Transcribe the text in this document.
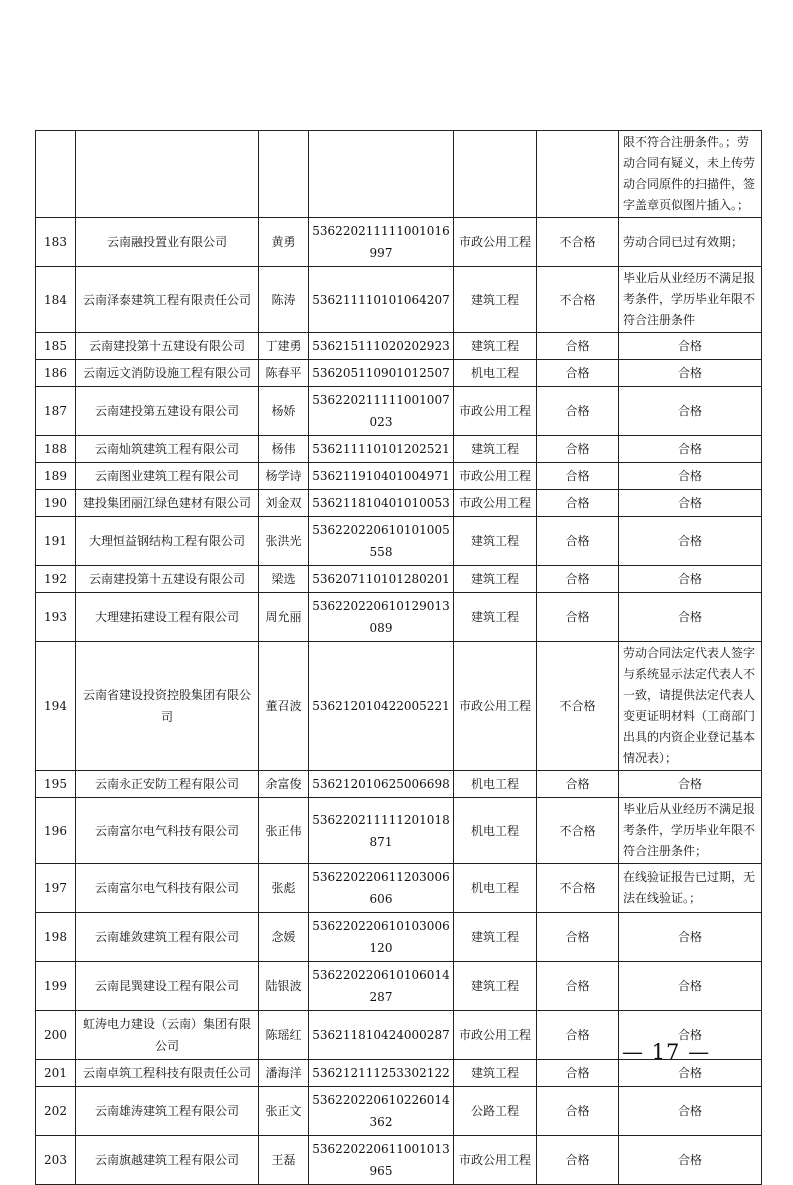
						限不符合注册条件。；劳动合同有疑义，未上传劳动合同原件的扫描件，签字盖章页似图片插入。；
183	云南融投置业有限公司	黄勇	536220211111001016997	市政公用工程	不合格	劳动合同已过有效期；
184	云南泽泰建筑工程有限责任公司	陈涛	536211110101064207	建筑工程	不合格	毕业后从业经历不满足报考条件，学历毕业年限不符合注册条件
185	云南建投第十五建设有限公司	丁建勇	536215111020202923	建筑工程	合格	合格
186	云南远文消防设施工程有限公司	陈春平	536205110901012507	机电工程	合格	合格
187	云南建投第五建设有限公司	杨娇	536220211111001007023	市政公用工程	合格	合格
188	云南灿筑建筑工程有限公司	杨伟	536211110101202521	建筑工程	合格	合格
189	云南图业建筑工程有限公司	杨学诗	536211910401004971	市政公用工程	合格	合格
190	建投集团丽江绿色建材有限公司	刘金双	536211810401010053	市政公用工程	合格	合格
191	大理恒益钢结构工程有限公司	张洪光	536220220610101005558	建筑工程	合格	合格
192	云南建投第十五建设有限公司	梁选	536207110101280201	建筑工程	合格	合格
193	大理建拓建设工程有限公司	周允丽	536220220610129013089	建筑工程	合格	合格
194	云南省建设投资控股集团有限公司	董召波	536212010422005221	市政公用工程	不合格	劳动合同法定代表人签字与系统显示法定代表人不一致，请提供法定代表人变更证明材料（工商部门出具的内资企业登记基本情况表）；
195	云南永正安防工程有限公司	余富俊	536212010625006698	机电工程	合格	合格
196	云南富尔电气科技有限公司	张正伟	536220211111201018871	机电工程	不合格	毕业后从业经历不满足报考条件，学历毕业年限不符合注册条件；
197	云南富尔电气科技有限公司	张彪	536220220611203006606	机电工程	不合格	在线验证报告已过期，无法在线验证。；
198	云南雄敛建筑工程有限公司	念媛	536220220610103006120	建筑工程	合格	合格
199	云南昆巽建设工程有限公司	陆银波	536220220610106014287	建筑工程	合格	合格
200	虹涛电力建设（云南）集团有限公司	陈瑶红	536211810424000287	市政公用工程	合格	合格
201	云南卓筑工程科技有限责任公司	潘海洋	536212111253302122	建筑工程	合格	合格
202	云南雄涛建筑工程有限公司	张正文	536220220610226014362	公路工程	合格	合格
203	云南旗越建筑工程有限公司	王磊	536220220611001013965	市政公用工程	合格	合格
— 17 —
